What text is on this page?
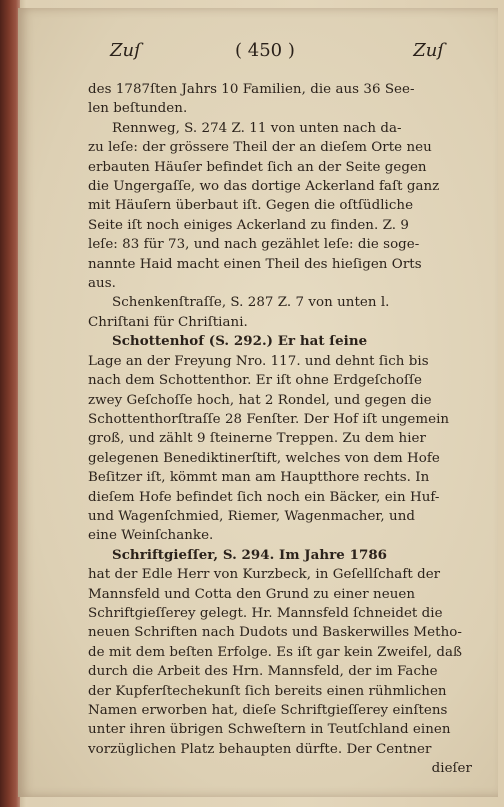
Zuſ	( 450 )	Zuſ
des 1787ſten Jahrs 10 Familien, die aus 36 See-
len beſtunden.
Rennweg, S. 274 Z. 11 von unten nach da-
zu leſe: der grössere Theil der an dieſem Orte neu
erbauten Häuſer befindet ſich an der Seite gegen
die Ungergaſſe, wo das dortige Ackerland faſt ganz
mit Häuſern überbaut iſt. Gegen die oſtſüdliche
Seite iſt noch einiges Ackerland zu finden. Z. 9
leſe: 83 für 73, und nach gezählet leſe: die soge-
nannte Haid macht einen Theil des hieſigen Orts
aus.
Schenkenſtraſſe, S. 287 Z. 7 von unten l.
Chriſtani für Chriſtiani.
Schottenhof (S. 292.) Er hat ſeine
Lage an der Freyung Nro. 117. und dehnt ſich bis
nach dem Schottenthor. Er iſt ohne Erdgeſchoſſe
zwey Geſchoſſe hoch, hat 2 Rondel, und gegen die
Schottenthorſtraſſe 28 Fenſter. Der Hof iſt ungemein
groß, und zählt 9 ſteinerne Treppen. Zu dem hier
gelegenen Benediktinerſtift, welches von dem Hofe
Beſitzer iſt, kömmt man am Hauptthore rechts. In
dieſem Hofe befindet ſich noch ein Bäcker, ein Huf-
und Wagenſchmied, Riemer, Wagenmacher, und
eine Weinſchanke.
Schriftgieſſer, S. 294. Im Jahre 1786
hat der Edle Herr von Kurzbeck, in Geſellſchaft der
Mannsfeld und Cotta den Grund zu einer neuen
Schriftgieſſerey gelegt. Hr. Mannsfeld ſchneidet die
neuen Schriften nach Dudots und Baskerwilles Metho-
de mit dem beſten Erfolge. Es iſt gar kein Zweifel, daß
durch die Arbeit des Hrn. Mannsfeld, der im Fache
der Kupferſtechekunſt ſich bereits einen rühmlichen
Namen erworben hat, dieſe Schriftgieſſerey einſtens
unter ihren übrigen Schweſtern in Teutſchland einen
vorzüglichen Platz behaupten dürfte. Der Centner
dieſer
